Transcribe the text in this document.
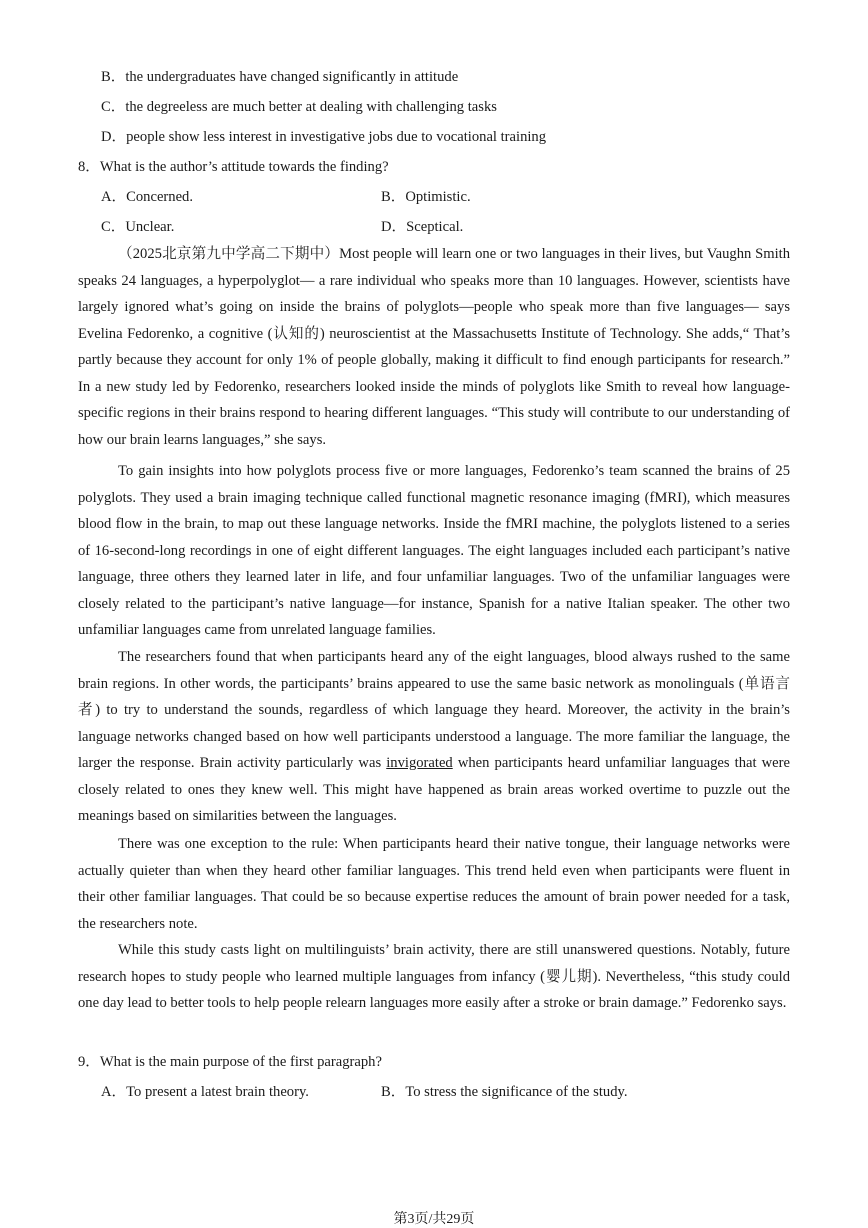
B．the undergraduates have changed significantly in attitude
C．the degreeless are much better at dealing with challenging tasks
D．people show less interest in investigative jobs due to vocational training
8．What is the author’s attitude towards the finding?
A．Concerned.	B．Optimistic.
C．Unclear.	D．Sceptical.

（2025北京第九中学高二下期中）Most people will learn one or two languages in their lives, but Vaughn Smith speaks 24 languages, a hyperpolyglot— a rare individual who speaks more than 10 languages. However, scientists have largely ignored what’s going on inside the brains of polyglots—people who speak more than five languages— says Evelina Fedorenko, a cognitive (认知的) neuroscientist at the Massachusetts Institute of Technology. She adds,“ That’s partly because they account for only 1% of people globally, making it difficult to find enough participants for research.” In a new study led by Fedorenko, researchers looked inside the minds of polyglots like Smith to reveal how language-specific regions in their brains respond to hearing different languages. “This study will contribute to our understanding of how our brain learns languages,” she says.

To gain insights into how polyglots process five or more languages, Fedorenko’s team scanned the brains of 25 polyglots. They used a brain imaging technique called functional magnetic resonance imaging (fMRI), which measures blood flow in the brain, to map out these language networks. Inside the fMRI machine, the polyglots listened to a series of 16-second-long recordings in one of eight different languages. The eight languages included each participant’s native language, three others they learned later in life, and four unfamiliar languages. Two of the unfamiliar languages were closely related to the participant’s native language—for instance, Spanish for a native Italian speaker. The other two unfamiliar languages came from unrelated language families.

The researchers found that when participants heard any of the eight languages, blood always rushed to the same brain regions. In other words, the participants’ brains appeared to use the same basic network as monolinguals (单语言者) to try to understand the sounds, regardless of which language they heard. Moreover, the activity in the brain’s language networks changed based on how well participants understood a language. The more familiar the language, the larger the response. Brain activity particularly was invigorated when participants heard unfamiliar languages that were closely related to ones they knew well. This might have happened as brain areas worked overtime to puzzle out the meanings based on similarities between the languages.

There was one exception to the rule: When participants heard their native tongue, their language networks were actually quieter than when they heard other familiar languages. This trend held even when participants were fluent in their other familiar languages. That could be so because expertise reduces the amount of brain power needed for a task, the researchers note.

While this study casts light on multilinguists’ brain activity, there are still unanswered questions. Notably, future research hopes to study people who learned multiple languages from infancy (婴儿期). Nevertheless, “this study could one day lead to better tools to help people relearn languages more easily after a stroke or brain damage.” Fedorenko says.

9．What is the main purpose of the first paragraph?
A．To present a latest brain theory.	B．To stress the significance of the study.
第3页/共29页
